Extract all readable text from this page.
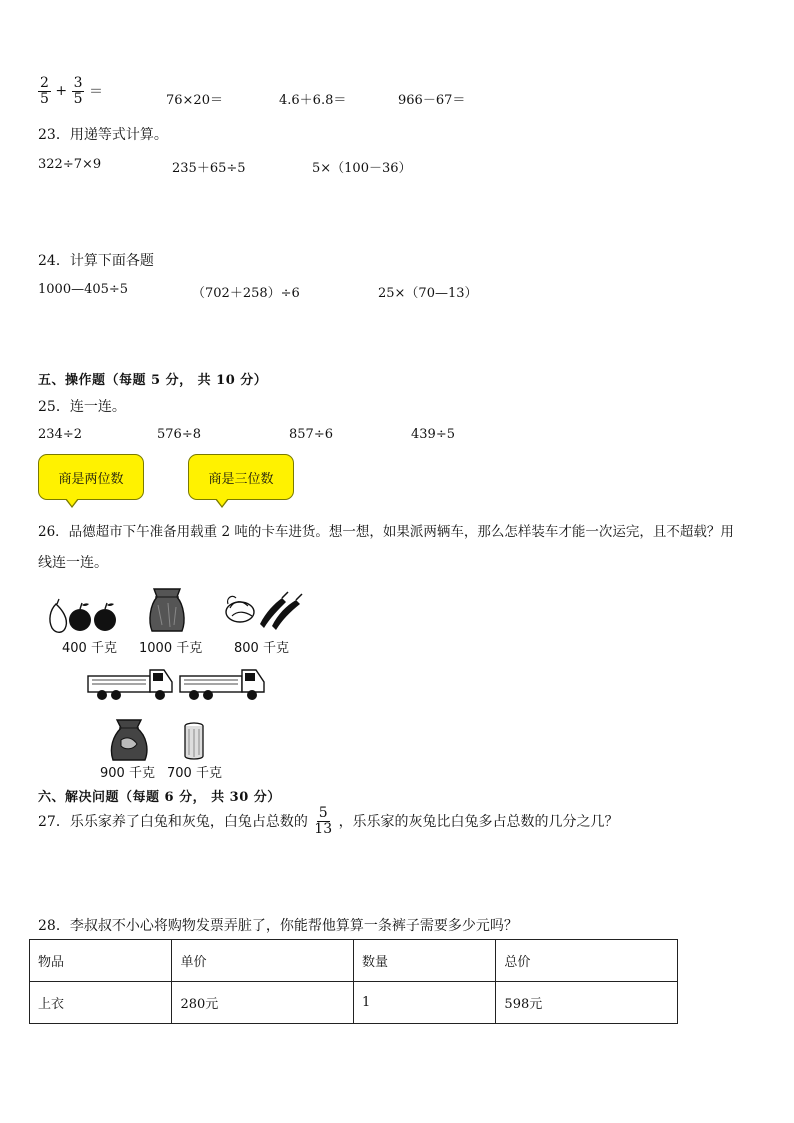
$\frac{2}{5} + \frac{3}{5}$ ＝
76×20＝	4.6＋6.8＝	966－67＝
23．用递等式计算。
322÷7×9	235＋65÷5	5×（100－36）
24．计算下面各题
1000—405÷5	（702＋258）÷6	25×（70—13）
五、操作题（每题 5 分， 共 10 分）
25．连一连。
234÷2	576÷8	857÷6	439÷5
商是两位数	商是三位数
26．品德超市下午准备用载重 2 吨的卡车进货。想一想，如果派两辆车，那么怎样装车才能一次运完，且不超载？用
线连一连。
400 千克 1000 千克 800 千克
900 千克 700 千克
六、解决问题（每题 6 分， 共 30 分）
27．乐乐家养了白兔和灰兔，白兔占总数的 $\frac{5}{13}$ ，乐乐家的灰兔比白兔多占总数的几分之几？
28．李叔叔不小心将购物发票弄脏了，你能帮他算算一条裤子需要多少元吗？
物品	单价	数量	总价
上衣	280元	1	598元
